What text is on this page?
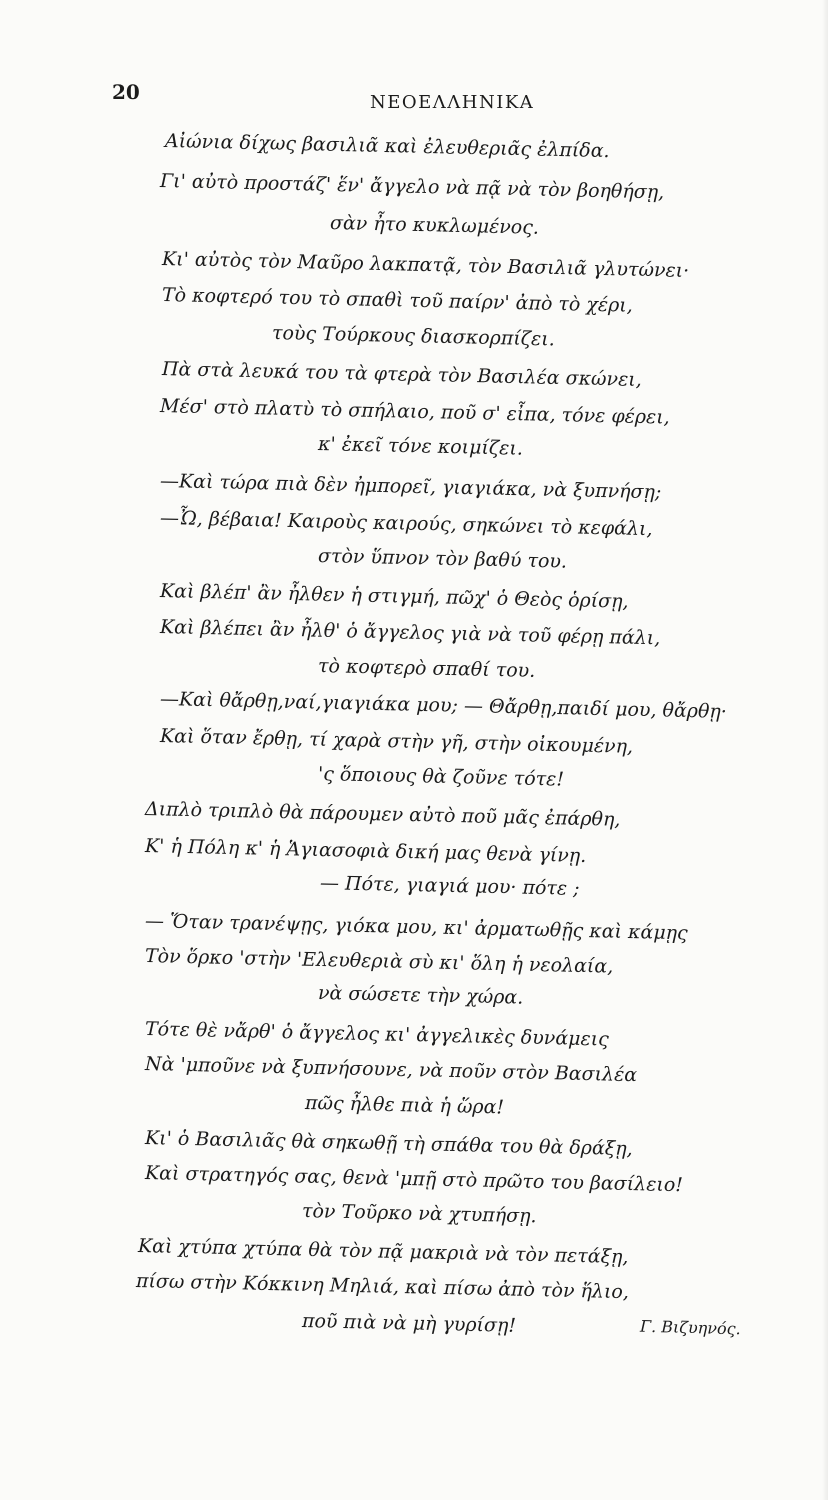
20	ΝΕΟΕΛΛΗΝΙΚΑ
Αἰώνια δίχως βασιλιᾶ καὶ ἐλευθεριᾶς ἐλπίδα.
Γι' αὐτὸ προστάζ' ἕν' ἄγγελο νὰ πᾷ νὰ τὸν βοηθήσῃ,
σὰν ἦτο κυκλωμένος.
Κι' αὐτὸς τὸν Μαῦρο λακπατᾷ, τὸν Βασιλιᾶ γλυτώνει·
Τὸ κοφτερό του τὸ σπαθὶ τοῦ παίρν' ἀπὸ τὸ χέρι,
τοὺς Τούρκους διασκορπίζει.
Πὰ στὰ λευκά του τὰ φτερὰ τὸν Βασιλέα σκώνει,
Μέσ' στὸ πλατὺ τὸ σπήλαιο, ποῦ σ' εἶπα, τόνε φέρει,
κ' ἐκεῖ τόνε κοιμίζει.
—Καὶ τώρα πιὰ δὲν ἠμπορεῖ, γιαγιάκα, νὰ ξυπνήσῃ;
—Ὦ, βέβαια! Καιροὺς καιρούς, σηκώνει τὸ κεφάλι,
στὸν ὕπνον τὸν βαθύ του.
Καὶ βλέπ' ἂν ἦλθεν ἡ στιγμή, πῶχ' ὁ Θεὸς ὁρίσῃ,
Καὶ βλέπει ἂν ἦλθ' ὁ ἄγγελος γιὰ νὰ τοῦ φέρῃ πάλι,
τὸ κοφτερὸ σπαθί του.
—Καὶ θἄρθῃ,ναί,γιαγιάκα μου; — Θἄρθῃ,παιδί μου, θἄρθῃ·
Καὶ ὅταν ἔρθῃ, τί χαρὰ στὴν γῆ, στὴν οἰκουμένη,
'ς ὅποιους θὰ ζοῦνε τότε!
Διπλὸ τριπλὸ θὰ πάρουμεν αὐτὸ ποῦ μᾶς ἐπάρθη,
Κ' ἡ Πόλη κ' ἡ Ἁγιασοφιὰ δική μας θενὰ γίνῃ.
— Πότε, γιαγιά μου· πότε ;
— Ὅταν τρανέψῃς, γιόκα μου, κι' ἀρματωθῇς καὶ κάμῃς
Τὸν ὅρκο 'στὴν 'Ελευθεριὰ σὺ κι' ὅλη ἡ νεολαία,
νὰ σώσετε τὴν χώρα.
Τότε θὲ νἄρθ' ὁ ἄγγελος κι' ἀγγελικὲς δυνάμεις
Νὰ 'μποῦνε νὰ ξυπνήσουνε, νὰ ποῦν στὸν Βασιλέα
πῶς ἦλθε πιὰ ἡ ὥρα!
Κι' ὁ Βασιλιᾶς θὰ σηκωθῇ τὴ σπάθα του θὰ δράξῃ,
Καὶ στρατηγός σας, θενὰ 'μπῇ στὸ πρῶτο του βασίλειο!
τὸν Τοῦρκο νὰ χτυπήσῃ.
Καὶ χτύπα χτύπα θὰ τὸν πᾷ μακριὰ νὰ τὸν πετάξῃ,
πίσω στὴν Κόκκινη Μηλιά, καὶ πίσω ἀπὸ τὸν ἥλιο,
ποῦ πιὰ νὰ μὴ γυρίσῃ!	Γ. Βιζυηνός.
